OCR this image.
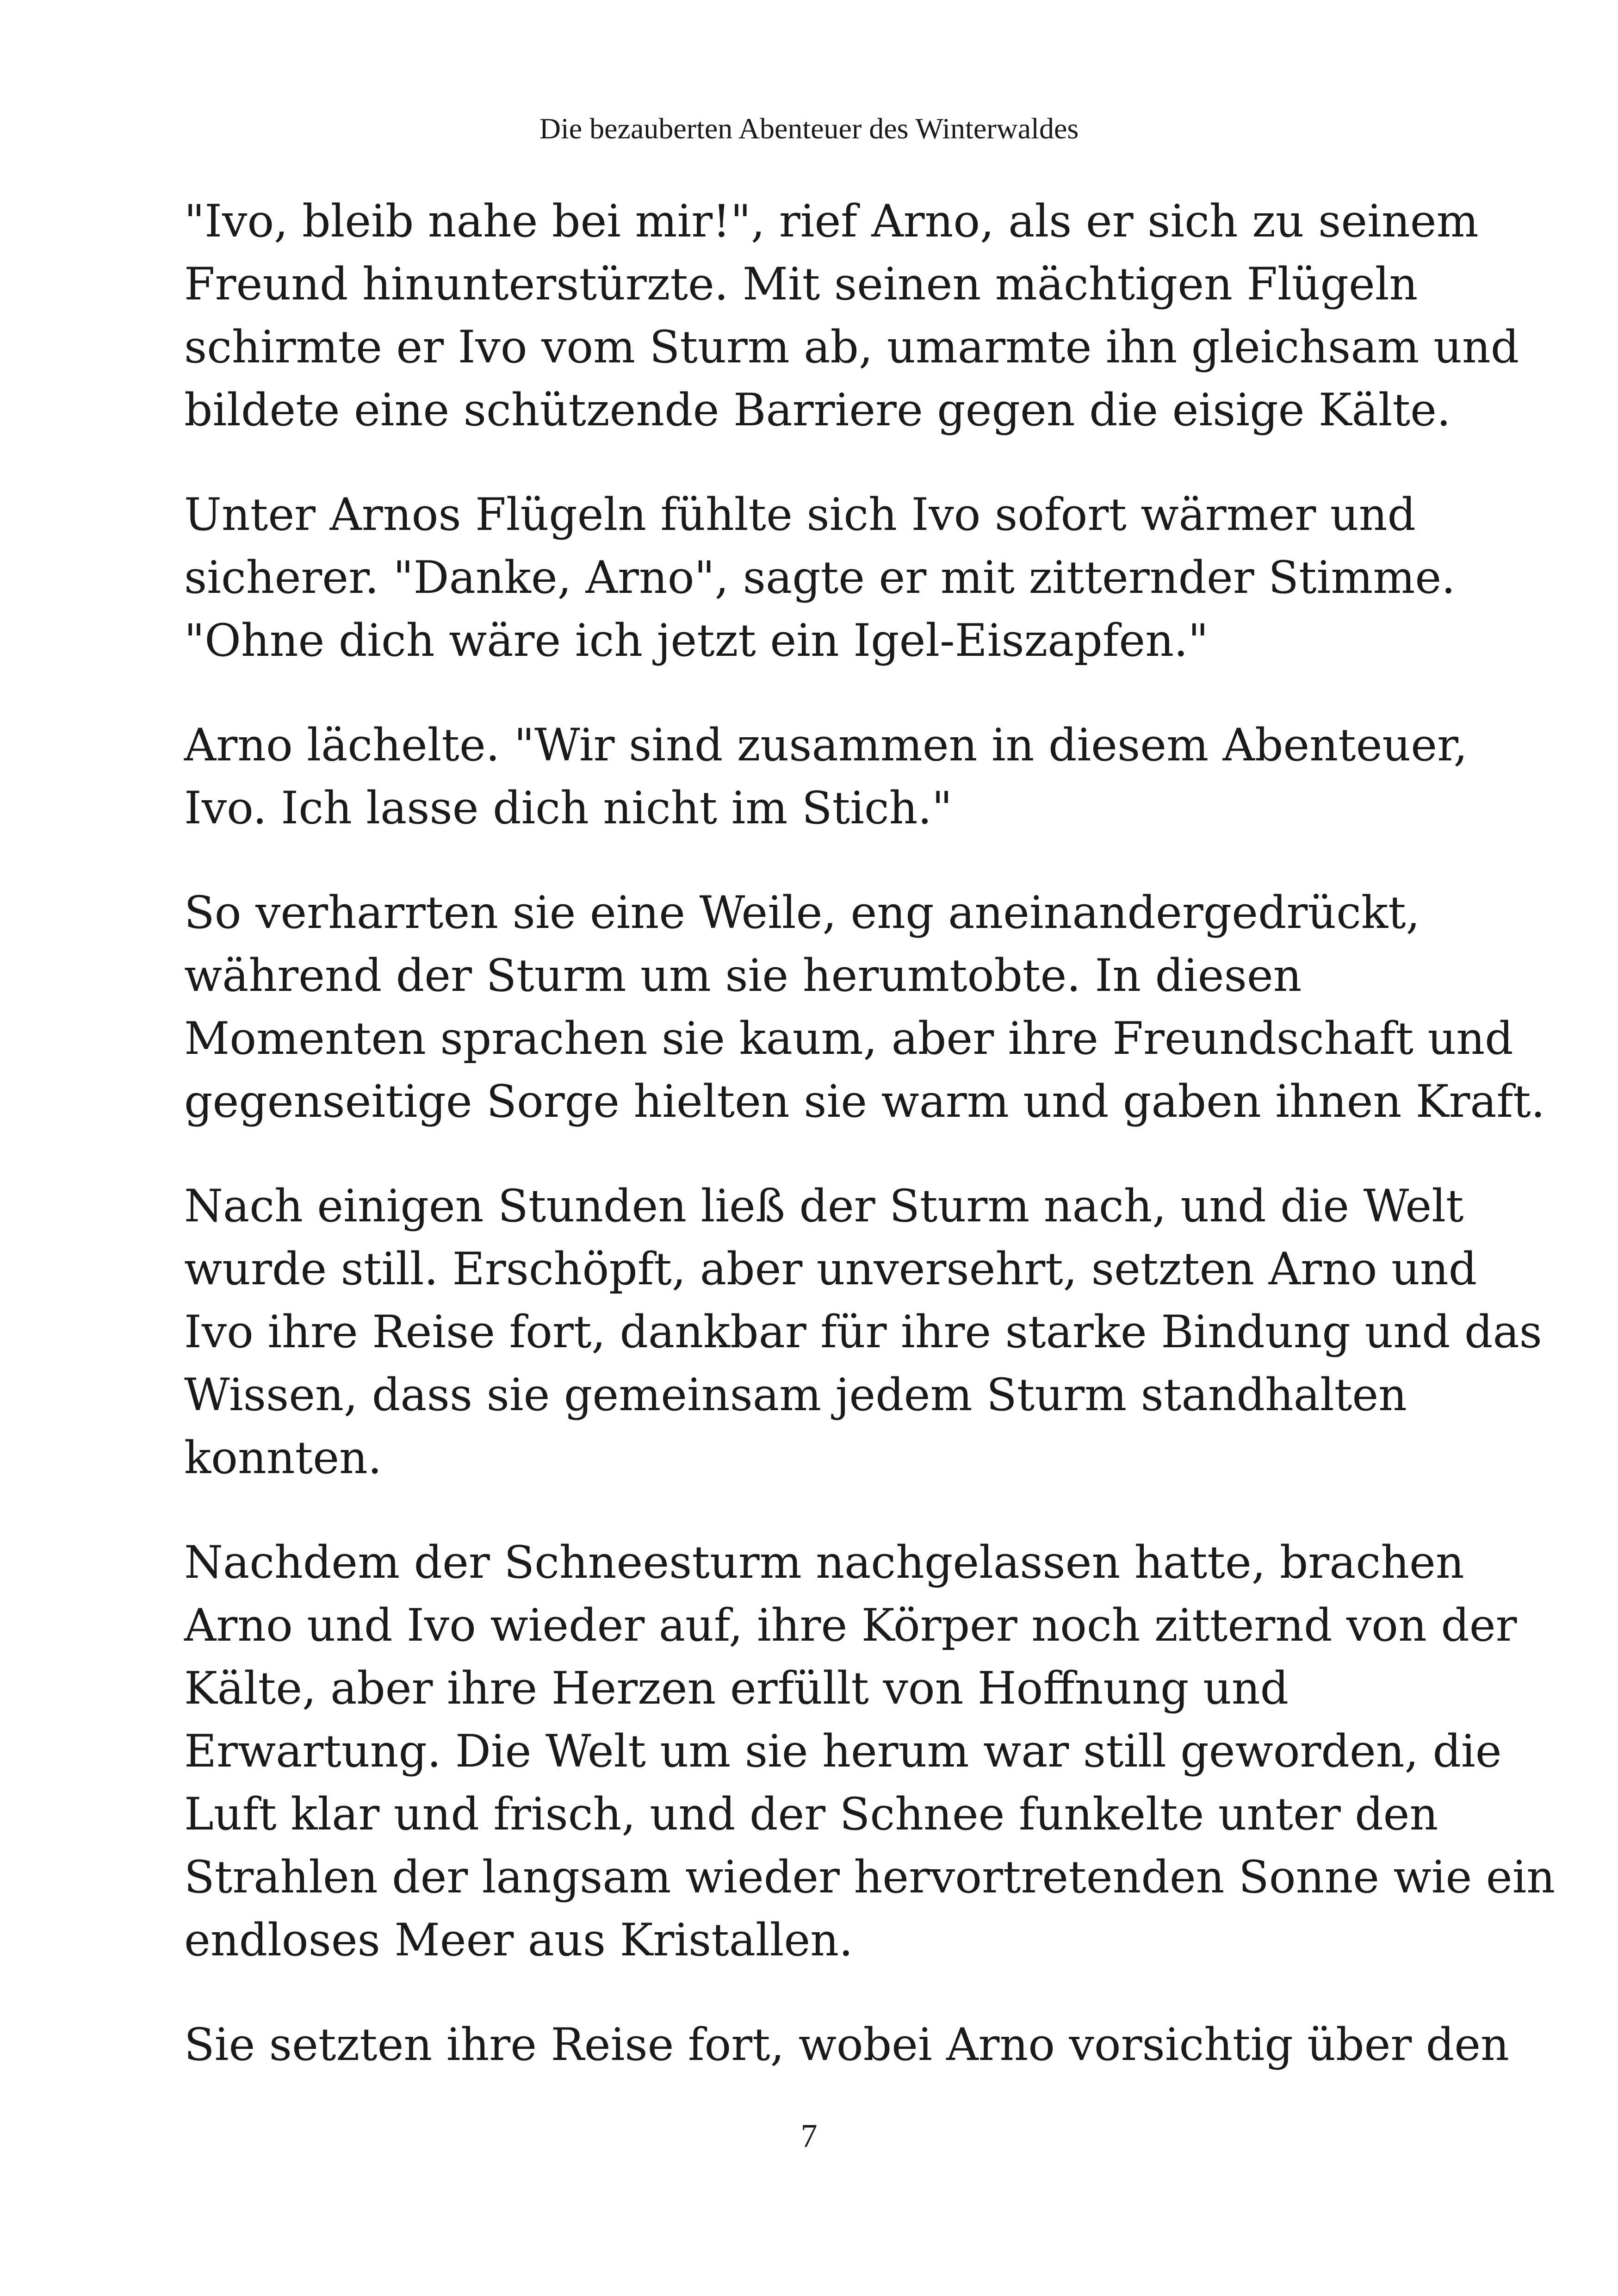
Die bezauberten Abenteuer des Winterwaldes

"Ivo, bleib nahe bei mir!", rief Arno, als er sich zu seinem
Freund hinunterstürzte. Mit seinen mächtigen Flügeln
schirmte er Ivo vom Sturm ab, umarmte ihn gleichsam und
bildete eine schützende Barriere gegen die eisige Kälte.

Unter Arnos Flügeln fühlte sich Ivo sofort wärmer und
sicherer. "Danke, Arno", sagte er mit zitternder Stimme.
"Ohne dich wäre ich jetzt ein Igel-Eiszapfen."

Arno lächelte. "Wir sind zusammen in diesem Abenteuer,
Ivo. Ich lasse dich nicht im Stich."

So verharrten sie eine Weile, eng aneinandergedrückt,
während der Sturm um sie herumtobte. In diesen
Momenten sprachen sie kaum, aber ihre Freundschaft und
gegenseitige Sorge hielten sie warm und gaben ihnen Kraft.

Nach einigen Stunden ließ der Sturm nach, und die Welt
wurde still. Erschöpft, aber unversehrt, setzten Arno und
Ivo ihre Reise fort, dankbar für ihre starke Bindung und das
Wissen, dass sie gemeinsam jedem Sturm standhalten
konnten.

Nachdem der Schneesturm nachgelassen hatte, brachen
Arno und Ivo wieder auf, ihre Körper noch zitternd von der
Kälte, aber ihre Herzen erfüllt von Hoffnung und
Erwartung. Die Welt um sie herum war still geworden, die
Luft klar und frisch, und der Schnee funkelte unter den
Strahlen der langsam wieder hervortretenden Sonne wie ein
endloses Meer aus Kristallen.

Sie setzten ihre Reise fort, wobei Arno vorsichtig über den

7
